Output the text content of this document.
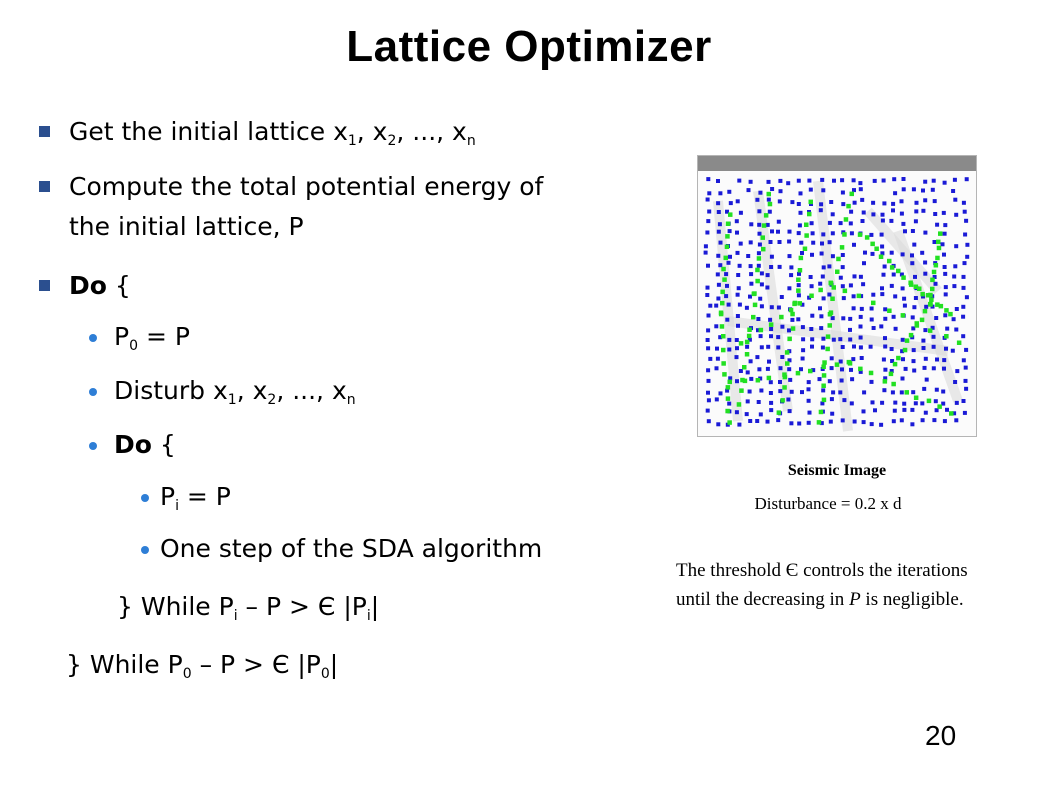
Lattice Optimizer
Get the initial lattice $x_1$, $x_2$, ..., $x_n$
Compute the total potential energy of
the initial lattice, P
Do {
$P_0 = P$
Disturb $x_1$, $x_2$, ..., $x_n$
Do {
$P_i = P$
One step of the SDA algorithm
} While $P_i - P > Є$ $|P_i|$
} While $P_0 - P > Є$ $|P_0|$
Seismic Image
Disturbance = 0.2 x d
The threshold Є controls the iterations until the decreasing in P is negligible.
20
